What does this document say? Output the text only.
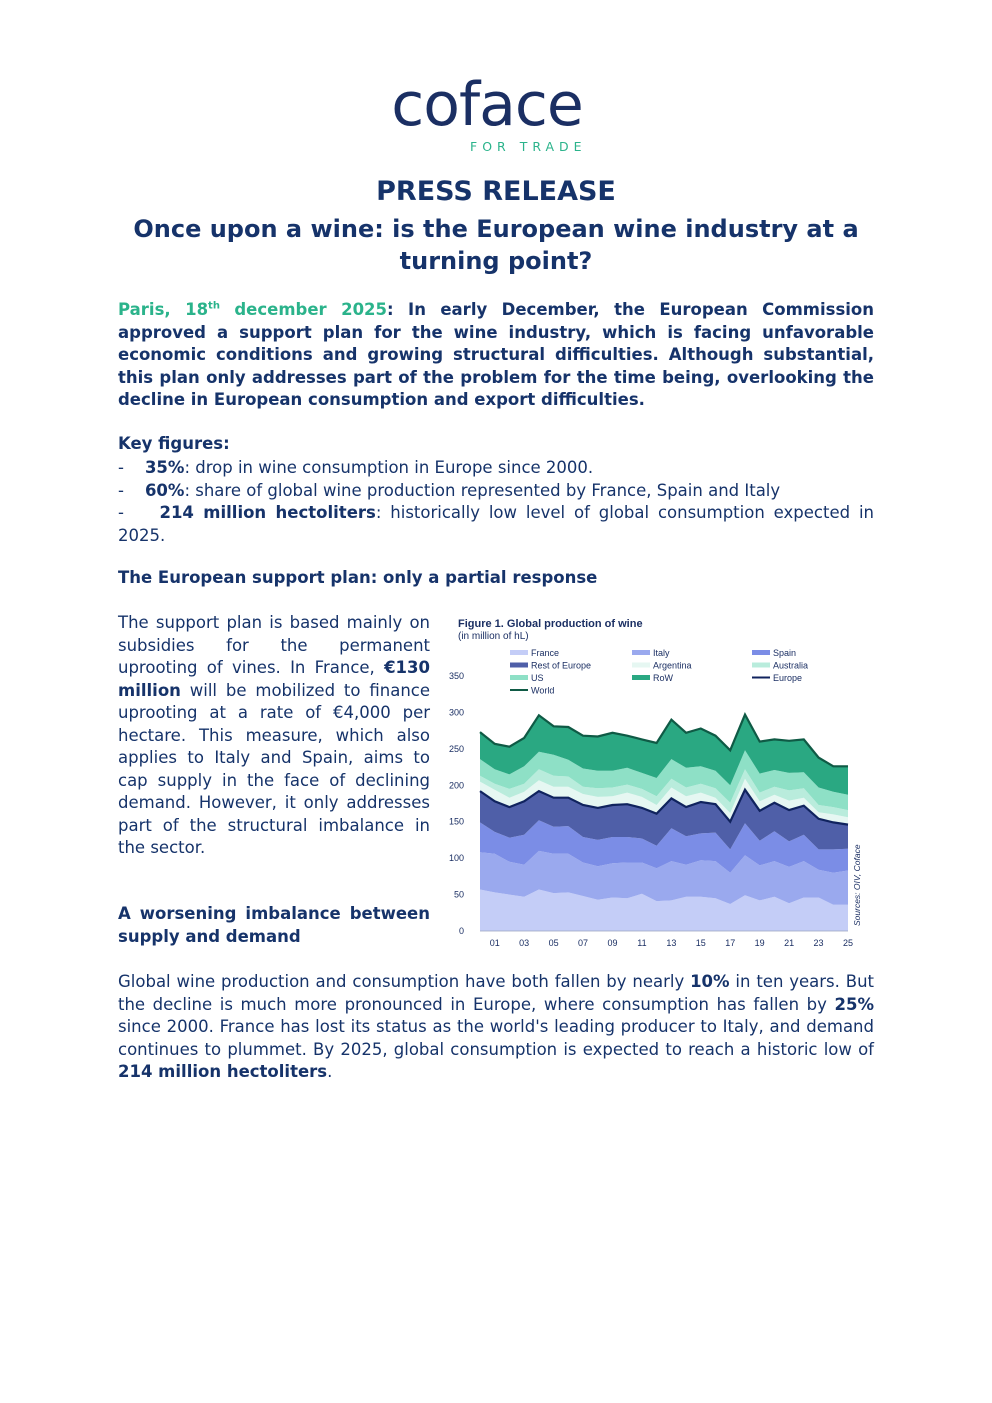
coface
FOR TRADE
PRESS RELEASE
Once upon a wine: is the European wine industry at a turning point?
Paris, 18th december 2025: In early December, the European Commission approved a support plan for the wine industry, which is facing unfavorable economic conditions and growing structural difficulties. Although substantial, this plan only addresses part of the problem for the time being, overlooking the decline in European consumption and export difficulties.
Key figures:
- 35%: drop in wine consumption in Europe since 2000.
- 60%: share of global wine production represented by France, Spain and Italy
- 214 million hectoliters: historically low level of global consumption expected in 2025.
The European support plan: only a partial response
The support plan is based mainly on subsidies for the permanent uprooting of vines. In France, €130 million will be mobilized to finance uprooting at a rate of €4,000 per hectare. This measure, which also applies to Italy and Spain, aims to cap supply in the face of declining demand. However, it only addresses part of the structural imbalance in the sector.
A worsening imbalance between supply and demand
Global wine production and consumption have both fallen by nearly 10% in ten years. But the decline is much more pronounced in Europe, where consumption has fallen by 25% since 2000. France has lost its status as the world's leading producer to Italy, and demand continues to plummet. By 2025, global consumption is expected to reach a historic low of 214 million hectoliters.
Figure 1. Global production of wine
(in million of hL)
0
50
100
150
200
250
300
350
01 03 05 07 09 11 13 15 17 19 21 23 25
France	Italy	Spain
Rest of Europe	Argentina	Australia
US	RoW	Europe
World
Sources: OIV, Coface
